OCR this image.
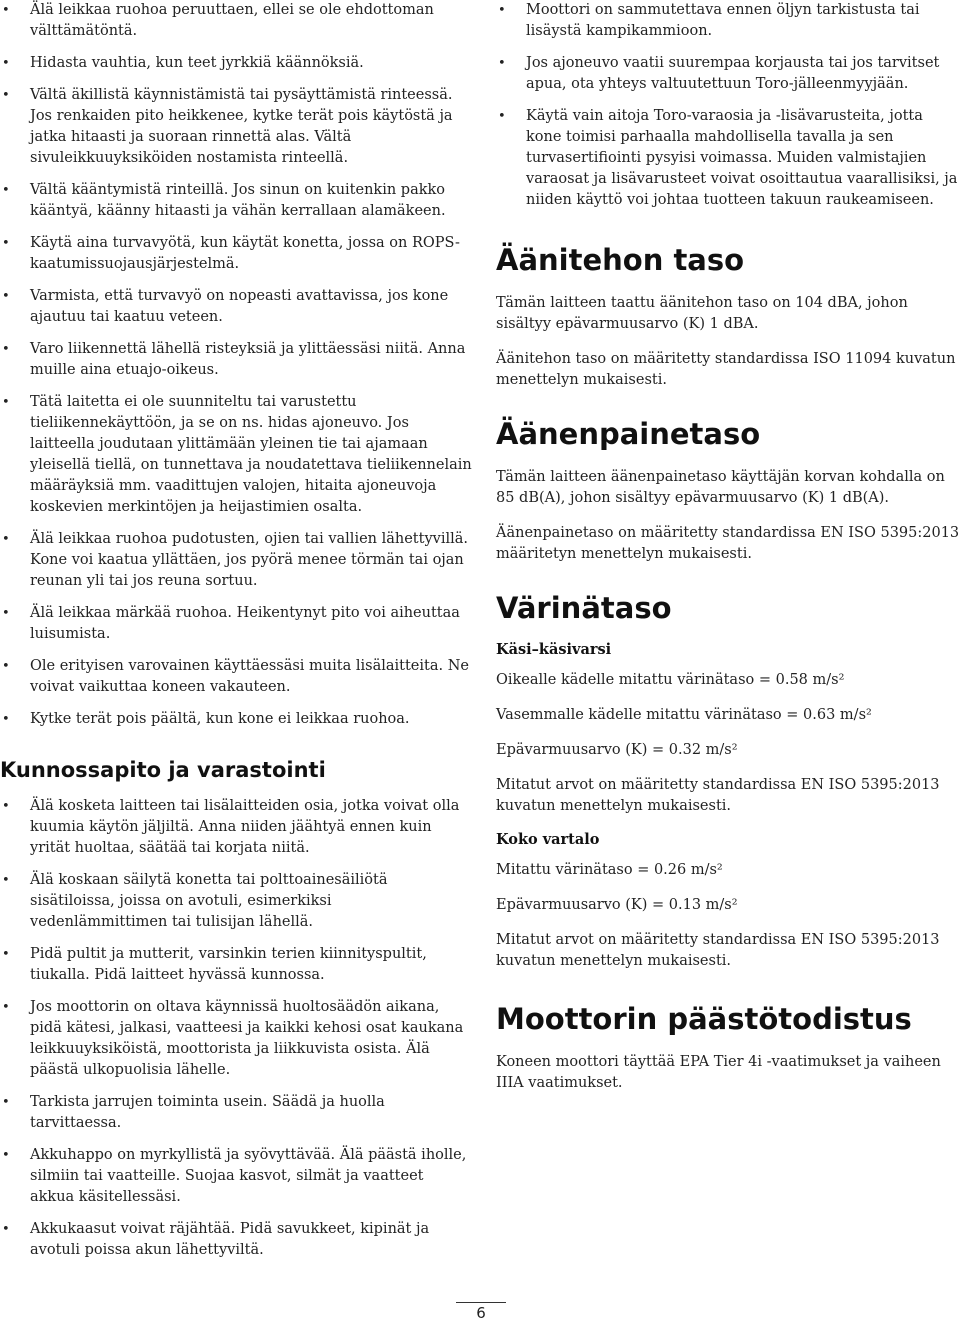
• Älä leikkaa ruohoa peruuttaen, ellei se ole ehdottoman välttämätöntä.
• Hidasta vauhtia, kun teet jyrkkiä käännöksiä.
• Vältä äkillistä käynnistämistä tai pysäyttämistä rinteessä. Jos renkaiden pito heikkenee, kytke terät pois käytöstä ja jatka hitaasti ja suoraan rinnettä alas. Vältä sivuleikkuuyksiköiden nostamista rinteellä.
• Vältä kääntymistä rinteillä. Jos sinun on kuitenkin pakko kääntyä, käänny hitaasti ja vähän kerrallaan alamäkeen.
• Käytä aina turvavyötä, kun käytät konetta, jossa on ROPS-kaatumissuojausjärjestelmä.
• Varmista, että turvavyö on nopeasti avattavissa, jos kone ajautuu tai kaatuu veteen.
• Varo liikennettä lähellä risteyksiä ja ylittäessäsi niitä. Anna muille aina etuajo-oikeus.
• Tätä laitetta ei ole suunniteltu tai varustettu tieliikennekäyttöön, ja se on ns. hidas ajoneuvo. Jos laitteella joudutaan ylittämään yleinen tie tai ajamaan yleisellä tiellä, on tunnettava ja noudatettava tieliikennelain määräyksiä mm. vaadittujen valojen, hitaita ajoneuvoja koskevien merkintöjen ja heijastimien osalta.
• Älä leikkaa ruohoa pudotusten, ojien tai vallien lähettyvillä. Kone voi kaatua yllättäen, jos pyörä menee törmän tai ojan reunan yli tai jos reuna sortuu.
• Älä leikkaa märkää ruohoa. Heikentynyt pito voi aiheuttaa luisumista.
• Ole erityisen varovainen käyttäessäsi muita lisälaitteita. Ne voivat vaikuttaa koneen vakauteen.
• Kytke terät pois päältä, kun kone ei leikkaa ruohoa.
Kunnossapito ja varastointi
• Älä kosketa laitteen tai lisälaitteiden osia, jotka voivat olla kuumia käytön jäljiltä. Anna niiden jäähtyä ennen kuin yrität huoltaa, säätää tai korjata niitä.
• Älä koskaan säilytä konetta tai polttoainesäiliötä sisätiloissa, joissa on avotuli, esimerkiksi vedenlämmittimen tai tulisijan lähellä.
• Pidä pultit ja mutterit, varsinkin terien kiinnityspultit, tiukalla. Pidä laitteet hyvässä kunnossa.
• Jos moottorin on oltava käynnissä huoltosäädön aikana, pidä kätesi, jalkasi, vaatteesi ja kaikki kehosi osat kaukana leikkuuyksiköistä, moottorista ja liikkuvista osista. Älä päästä ulkopuolisia lähelle.
• Tarkista jarrujen toiminta usein. Säädä ja huolla tarvittaessa.
• Akkuhappo on myrkyllistä ja syövyttävää. Älä päästä iholle, silmiin tai vaatteille. Suojaa kasvot, silmät ja vaatteet akkua käsitellessäsi.
• Akkukaasut voivat räjähtää. Pidä savukkeet, kipinät ja avotuli poissa akun lähettyviltä.
• Moottori on sammutettava ennen öljyn tarkistusta tai lisäystä kampikammioon.
• Jos ajoneuvo vaatii suurempaa korjausta tai jos tarvitset apua, ota yhteys valtuutettuun Toro-jälleenmyyjään.
• Käytä vain aitoja Toro-varaosia ja -lisävarusteita, jotta kone toimisi parhaalla mahdollisella tavalla ja sen turvasertifiointi pysyisi voimassa. Muiden valmistajien varaosat ja lisävarusteet voivat osoittautua vaarallisiksi, ja niiden käyttö voi johtaa tuotteen takuun raukeamiseen.
Äänitehon taso

Tämän laitteen taattu äänitehon taso on 104 dBA, johon sisältyy epävarmuusarvo (K) 1 dBA.

Äänitehon taso on määritetty standardissa ISO 11094 kuvatun menettelyn mukaisesti.

Äänenpainetaso

Tämän laitteen äänenpainetaso käyttäjän korvan kohdalla on 85 dB(A), johon sisältyy epävarmuusarvo (K) 1 dB(A).

Äänenpainetaso on määritetty standardissa EN ISO 5395:2013 määritetyn menettelyn mukaisesti.

Värinätaso
Käsi–käsivarsi

Oikealle kädelle mitattu värinätaso = 0.58 m/s²

Vasemmalle kädelle mitattu värinätaso = 0.63 m/s²

Epävarmuusarvo (K) = 0.32 m/s²

Mitatut arvot on määritetty standardissa EN ISO 5395:2013 kuvatun menettelyn mukaisesti.

Koko vartalo

Mitattu värinätaso = 0.26 m/s²

Epävarmuusarvo (K) = 0.13 m/s²

Mitatut arvot on määritetty standardissa EN ISO 5395:2013 kuvatun menettelyn mukaisesti.

Moottorin päästötodistus

Koneen moottori täyttää EPA Tier 4i -vaatimukset ja vaiheen IIIA vaatimukset.

6
